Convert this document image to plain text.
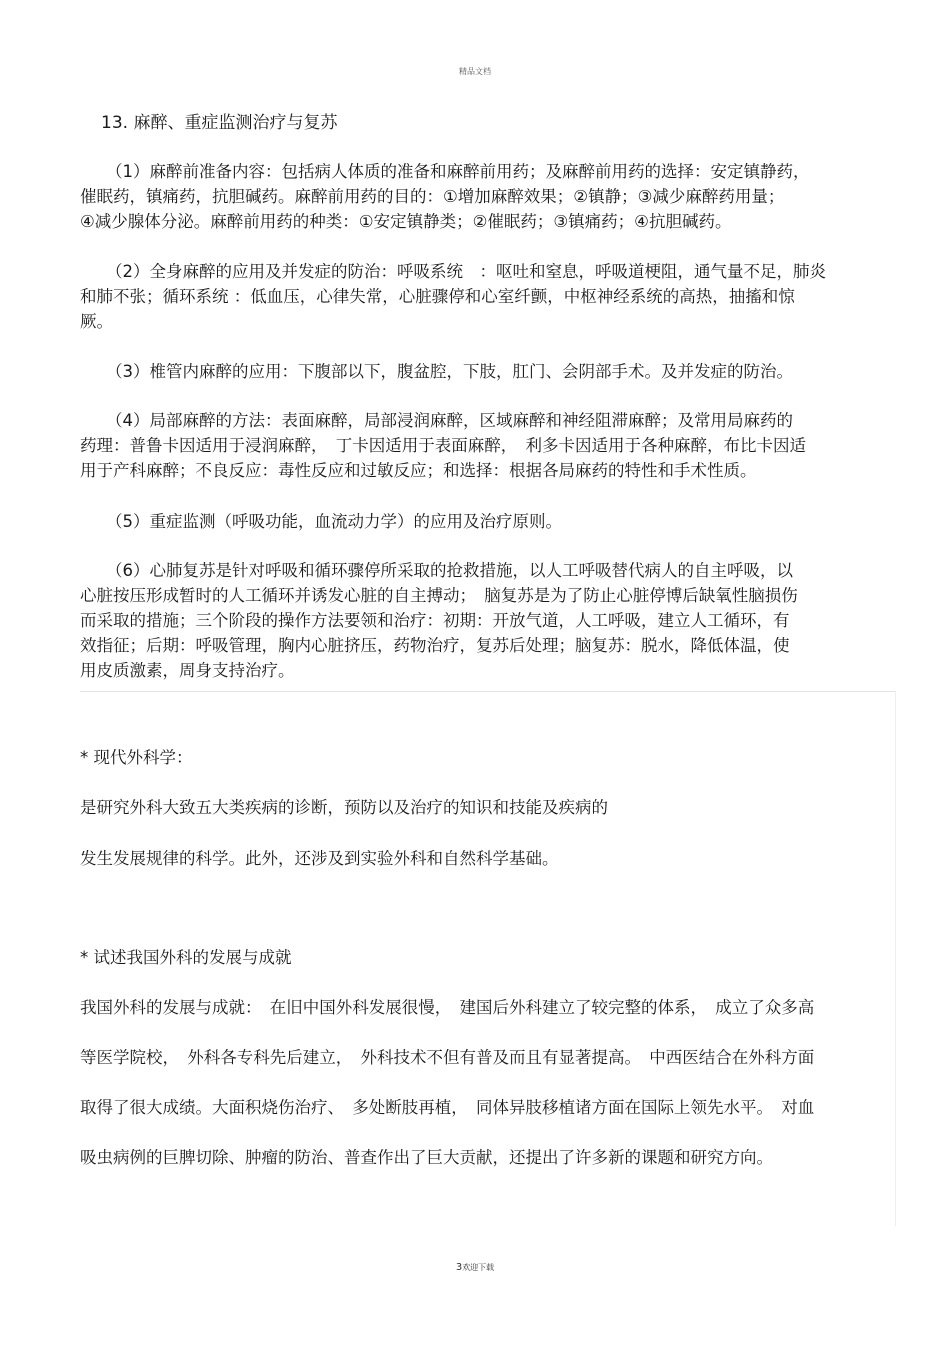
精品文档
13. 麻醉、重症监测治疗与复苏
（1）麻醉前准备内容：包括病人体质的准备和麻醉前用药；及麻醉前用药的选择：安定镇静药，
催眠药，镇痛药，抗胆碱药。麻醉前用药的目的：①增加麻醉效果；②镇静；③减少麻醉药用量；
④减少腺体分泌。麻醉前用药的种类：①安定镇静类；②催眠药；③镇痛药；④抗胆碱药。
（2）全身麻醉的应用及并发症的防治：呼吸系统　：呕吐和窒息，呼吸道梗阻，通气量不足，肺炎
和肺不张；循环系统 ：低血压，心律失常，心脏骤停和心室纤颤，中枢神经系统的高热，抽搐和惊
厥。
（3）椎管内麻醉的应用：下腹部以下，腹盆腔，下肢，肛门、会阴部手术。及并发症的防治。
（4）局部麻醉的方法：表面麻醉，局部浸润麻醉，区域麻醉和神经阻滞麻醉；及常用局麻药的
药理：普鲁卡因适用于浸润麻醉，　丁卡因适用于表面麻醉，　利多卡因适用于各种麻醉，布比卡因适
用于产科麻醉；不良反应：毒性反应和过敏反应；和选择：根据各局麻药的特性和手术性质。
（5）重症监测（呼吸功能，血流动力学）的应用及治疗原则。
（6）心肺复苏是针对呼吸和循环骤停所采取的抢救措施，以人工呼吸替代病人的自主呼吸，以
心脏按压形成暂时的人工循环并诱发心脏的自主搏动；　脑复苏是为了防止心脏停博后缺氧性脑损伤
而采取的措施；三个阶段的操作方法要领和治疗：初期：开放气道，人工呼吸，建立人工循环，有
效指征；后期：呼吸管理，胸内心脏挤压，药物治疗，复苏后处理；脑复苏：脱水，降低体温，使
用皮质激素，周身支持治疗。
* 现代外科学：
是研究外科大致五大类疾病的诊断，预防以及治疗的知识和技能及疾病的
发生发展规律的科学。此外，还涉及到实验外科和自然科学基础。
* 试述我国外科的发展与成就
我国外科的发展与成就：　在旧中国外科发展很慢，　建国后外科建立了较完整的体系，　成立了众多高
等医学院校，　外科各专科先后建立，　外科技术不但有普及而且有显著提高。　中西医结合在外科方面
取得了很大成绩。大面积烧伤治疗、　多处断肢再植，　同体异肢移植诸方面在国际上领先水平。　对血
吸虫病例的巨脾切除、肿瘤的防治、普查作出了巨大贡献，还提出了许多新的课题和研究方向。
3欢迎下载
